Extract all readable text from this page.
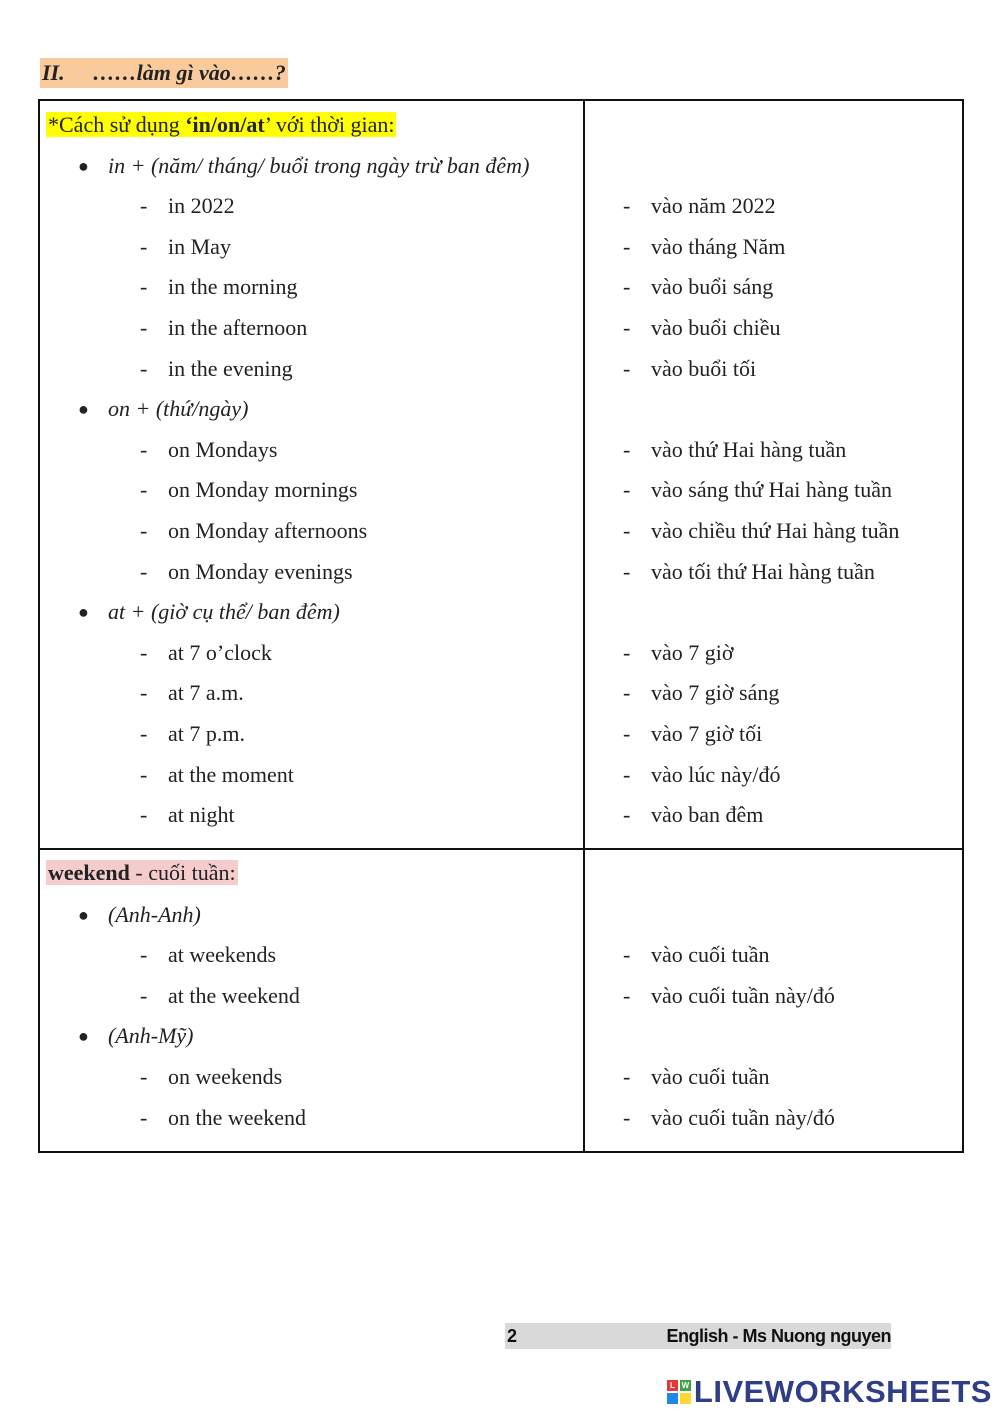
II. ……làm gì vào……?
*Cách sử dụng ‘in/on/at’ với thời gian:
● in + (năm/ tháng/ buổi trong ngày trừ ban đêm)
- in 2022	- vào năm 2022
- in May	- vào tháng Năm
- in the morning	- vào buổi sáng
- in the afternoon	- vào buổi chiều
- in the evening	- vào buổi tối
● on + (thứ/ngày)
- on Mondays	- vào thứ Hai hàng tuần
- on Monday mornings	- vào sáng thứ Hai hàng tuần
- on Monday afternoons	- vào chiều thứ Hai hàng tuần
- on Monday evenings	- vào tối thứ Hai hàng tuần
● at + (giờ cụ thể/ ban đêm)
- at 7 o’clock	- vào 7 giờ
- at 7 a.m.	- vào 7 giờ sáng
- at 7 p.m.	- vào 7 giờ tối
- at the moment	- vào lúc này/đó
- at night	- vào ban đêm
weekend - cuối tuần:
● (Anh-Anh)
- at weekends	- vào cuối tuần
- at the weekend	- vào cuối tuần này/đó
● (Anh-Mỹ)
- on weekends	- vào cuối tuần
- on the weekend	- vào cuối tuần này/đó
2	English - Ms Nuong nguyen
L W LIVEWORKSHEETS
